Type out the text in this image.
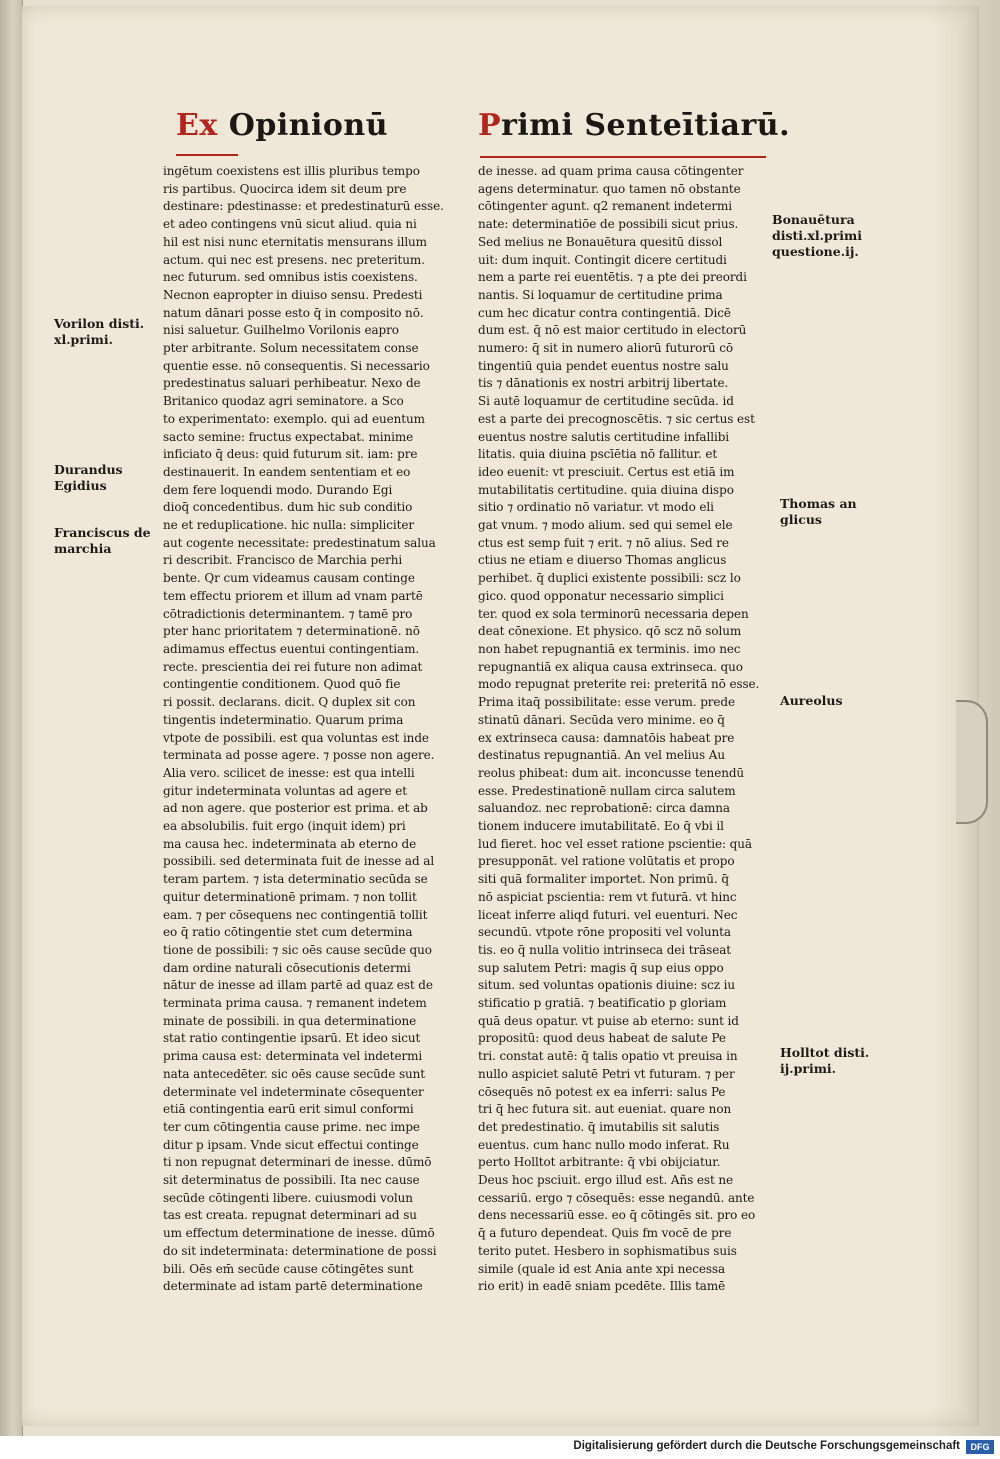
Ex Opinionū	Primi Senteītiarū.
ingētum coexistens est illis pluribus tempo
ris partibus. Quocirca idem sit deum pre
destinare: pdestinasse: et predestinaturū esse.
et adeo contingens vnū sicut aliud. quia ni
hil est nisi nunc eternitatis mensurans illum
actum. qui nec est presens. nec preteritum.
nec futurum. sed omnibus istis coexistens.
Necnon eapropter in diuiso sensu. Predesti
natum dānari posse esto q̄ in composito nō.
nisi saluetur. Guilhelmo Vorilonis eapro
pter arbitrante. Solum necessitatem conse
quentie esse. nō consequentis. Si necessario
predestinatus saluari perhibeatur. Nexo de
Britanico quodaz agri seminatore. a Sco
to experimentato: exemplo. qui ad euentum
sacto semine: fructus expectabat. minime
inficiato q̄ deus: quid futurum sit. iam: pre
destinauerit. In eandem sententiam et eo
dem fere loquendi modo. Durando Egi
dioq̄ concedentibus. dum hic sub conditio
ne et reduplicatione. hic nulla: simpliciter
aut cogente necessitate: predestinatum salua
ri describit. Francisco de Marchia perhi
bente. Qr cum videamus causam continge
tem effectu priorem et illum ad vnam partē
cōtradictionis determinantem. ⁊ tamē pro
pter hanc prioritatem ⁊ determinationē. nō
adimamus effectus euentui contingentiam.
recte. prescientia dei rei future non adimat
contingentie conditionem. Quod quō fie
ri possit. declarans. dicit. Q duplex sit con
tingentis indeterminatio. Quarum prima
vtpote de possibili. est qua voluntas est inde
terminata ad posse agere. ⁊ posse non agere.
Alia vero. scilicet de inesse: est qua intelli
gitur indeterminata voluntas ad agere et
ad non agere. que posterior est prima. et ab
ea absolubilis. fuit ergo (inquit idem) pri
ma causa hec. indeterminata ab eterno de
possibili. sed determinata fuit de inesse ad al
teram partem. ⁊ ista determinatio secūda se
quitur determinationē primam. ⁊ non tollit
eam. ⁊ per cōsequens nec contingentiā tollit
eo q̄ ratio cōtingentie stet cum determina
tione de possibili: ⁊ sic oēs cause secūde quo
dam ordine naturali cōsecutionis determi
nātur de inesse ad illam partē ad quaz est de
terminata prima causa. ⁊ remanent indetem
minate de possibili. in qua determinatione
stat ratio contingentie ipsarū. Et ideo sicut
prima causa est: determinata vel indetermi
nata antecedēter. sic oēs cause secūde sunt
determinate vel indeterminate cōsequenter
etiā contingentia earū erit simul conformi
ter cum cōtingentia cause prime. nec impe
ditur p ipsam. Vnde sicut effectui continge
ti non repugnat determinari de inesse. dūmō
sit determinatus de possibili. Ita nec cause
secūde cōtingenti libere. cuiusmodi volun
tas est creata. repugnat determinari ad su
um effectum determinatione de inesse. dūmō
do sit indeterminata: determinatione de possi
bili. Oēs em̄ secūde cause cōtingētes sunt
determinate ad istam partē determinatione
de inesse. ad quam prima causa cōtingenter
agens determinatur. quo tamen nō obstante
cōtingenter agunt. q2 remanent indetermi
nate: determinatiōe de possibili sicut prius.
Sed melius ne Bonauētura quesitū dissol
uit: dum inquit. Contingit dicere certitudi
nem a parte rei euentētis. ⁊ a pte dei preordi
nantis. Si loquamur de certitudine prima
cum hec dicatur contra contingentiā. Dicē
dum est. q̄ nō est maior certitudo in electorū
numero: q̄ sit in numero aliorū futurorū cō
tingentiū quia pendet euentus nostre salu
tis ⁊ dānationis ex nostri arbitrij libertate.
Si autē loquamur de certitudine secūda. id
est a parte dei precognoscētis. ⁊ sic certus est
euentus nostre salutis certitudine infallibi
litatis. quia diuina pscīētia nō fallitur. et
ideo euenit: vt presciuit. Certus est etiā im
mutabilitatis certitudine. quia diuina dispo
sitio ⁊ ordinatio nō variatur. vt modo eli
gat vnum. ⁊ modo alium. sed qui semel ele
ctus est semp fuit ⁊ erit. ⁊ nō alius. Sed re
ctius ne etiam e diuerso Thomas anglicus
perhibet. q̄ duplici existente possibili: scz lo
gico. quod opponatur necessario simplici
ter. quod ex sola terminorū necessaria depen
deat cōnexione. Et physico. qō scz nō solum
non habet repugnantiā ex terminis. imo nec
repugnantiā ex aliqua causa extrinseca. quo
modo repugnat preterite rei: preteritā nō esse.
Prima itaq̄ possibilitate: esse verum. prede
stinatū dānari. Secūda vero minime. eo q̄
ex extrinseca causa: damnatōis habeat pre
destinatus repugnantiā. An vel melius Au
reolus phibeat: dum ait. inconcusse tenendū
esse. Predestinationē nullam circa salutem
saluandoz. nec reprobationē: circa damna
tionem inducere imutabilitatē. Eo q̄ vbi il
lud fieret. hoc vel esset ratione pscientie: quā
presupponāt. vel ratione volūtatis et propo
siti quā formaliter importet. Non primū. q̄
nō aspiciat pscientia: rem vt futurā. vt hinc
liceat inferre aliqd futuri. vel euenturi. Nec
secundū. vtpote rōne propositi vel volunta
tis. eo q̄ nulla volitio intrinseca dei trāseat
sup salutem Petri: magis q̄ sup eius oppo
situm. sed voluntas opationis diuine: scz iu
stificatio p gratiā. ⁊ beatificatio p gloriam
quā deus opatur. vt puise ab eterno: sunt id
propositū: quod deus habeat de salute Pe
tri. constat autē: q̄ talis opatio vt preuisa in
nullo aspiciet salutē Petri vt futuram. ⁊ per
cōsequēs nō potest ex ea inferri: salus Pe
tri q̄ hec futura sit. aut eueniat. quare non
det predestinatio. q̄ imutabilis sit salutis
euentus. cum hanc nullo modo inferat. Ru
perto Holltot arbitrante: q̄ vbi obijciatur.
Deus hoc psciuit. ergo illud est. Añs est ne
cessariū. ergo ⁊ cōsequēs: esse negandū. ante
dens necessariū esse. eo q̄ cōtingēs sit. pro eo
q̄ a futuro dependeat. Quis fm vocē de pre
terito putet. Hesbero in sophismatibus suis
simile (quale id est Ania ante xpi necessa
rio erit) in eadē sniam pcedēte. Illis tamē
Vorilon disti.
xl.primi.
Durandus
Egidius
Franciscus de
marchia
Bonauētura
disti.xl.primi
questione.ij.
Thomas an
glicus
Aureolus
Holltot disti.
ij.primi.
Digitalisierung gefördert durch die Deutsche Forschungsgemeinschaft	DFG
